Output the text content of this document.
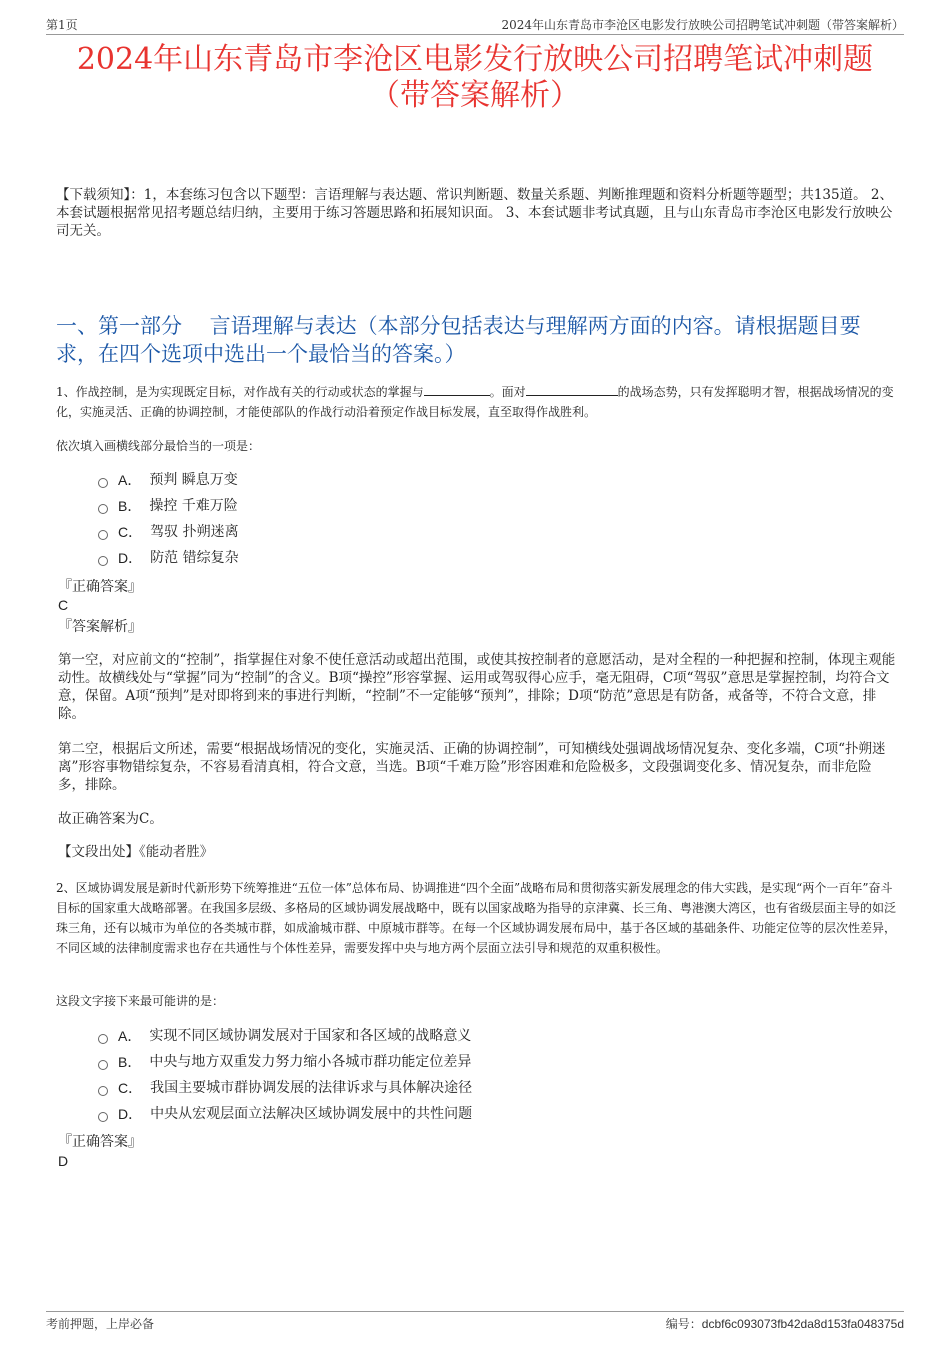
第1页	2024年山东青岛市李沧区电影发行放映公司招聘笔试冲刺题（带答案解析）
2024年山东青岛市李沧区电影发行放映公司招聘笔试冲刺题
（带答案解析）
【下载须知】：1，本套练习包含以下题型：言语理解与表达题、常识判断题、数量关系题、判断推理题和资料分析题等题型；共135道。 2、本套试题根据常见招考题总结归纳，主要用于练习答题思路和拓展知识面。 3、本套试题非考试真题，且与山东青岛市李沧区电影发行放映公司无关。
一、第一部分　 言语理解与表达（本部分包括表达与理解两方面的内容。请根据题目要求，在四个选项中选出一个最恰当的答案。）
1、作战控制，是为实现既定目标，对作战有关的行动或状态的掌握与	。面对	的战场态势，只有发挥聪明才智，根据战场情况的变化，实施灵活、正确的协调控制，才能使部队的作战行动沿着预定作战目标发展，直至取得作战胜利。
依次填入画横线部分最恰当的一项是：
A． 预判 瞬息万变
B． 操控 千难万险
C． 驾驭 扑朔迷离
D． 防范 错综复杂
『正确答案』
C
『答案解析』
第一空，对应前文的“控制”，指掌握住对象不使任意活动或超出范围，或使其按控制者的意愿活动，是对全程的一种把握和控制，体现主观能动性。故横线处与“掌握”同为“控制”的含义。B项“操控”形容掌握、运用或驾驭得心应手，毫无阻碍，C项“驾驭”意思是掌握控制，均符合文意，保留。A项“预判”是对即将到来的事进行判断，“控制”不一定能够“预判”，排除；D项“防范”意思是有防备，戒备等，不符合文意，排除。
第二空，根据后文所述，需要“根据战场情况的变化，实施灵活、正确的协调控制”，可知横线处强调战场情况复杂、变化多端，C项“扑朔迷离”形容事物错综复杂，不容易看清真相，符合文意，当选。B项“千难万险”形容困难和危险极多，文段强调变化多、情况复杂，而非危险多，排除。
故正确答案为C。
【文段出处】《能动者胜》
2、区域协调发展是新时代新形势下统筹推进“五位一体”总体布局、协调推进“四个全面”战略布局和贯彻落实新发展理念的伟大实践，是实现“两个一百年”奋斗目标的国家重大战略部署。在我国多层级、多格局的区域协调发展战略中，既有以国家战略为指导的京津冀、长三角、粤港澳大湾区，也有省级层面主导的如泛珠三角，还有以城市为单位的各类城市群，如成渝城市群、中原城市群等。在每一个区域协调发展布局中，基于各区域的基础条件、功能定位等的层次性差异，不同区域的法律制度需求也存在共通性与个体性差异，需要发挥中央与地方两个层面立法引导和规范的双重积极性。
这段文字接下来最可能讲的是：
A． 实现不同区域协调发展对于国家和各区域的战略意义
B． 中央与地方双重发力努力缩小各城市群功能定位差异
C． 我国主要城市群协调发展的法律诉求与具体解决途径
D． 中央从宏观层面立法解决区域协调发展中的共性问题
『正确答案』
D
考前押题，上岸必备	编号：dcbf6c093073fb42da8d153fa048375d
